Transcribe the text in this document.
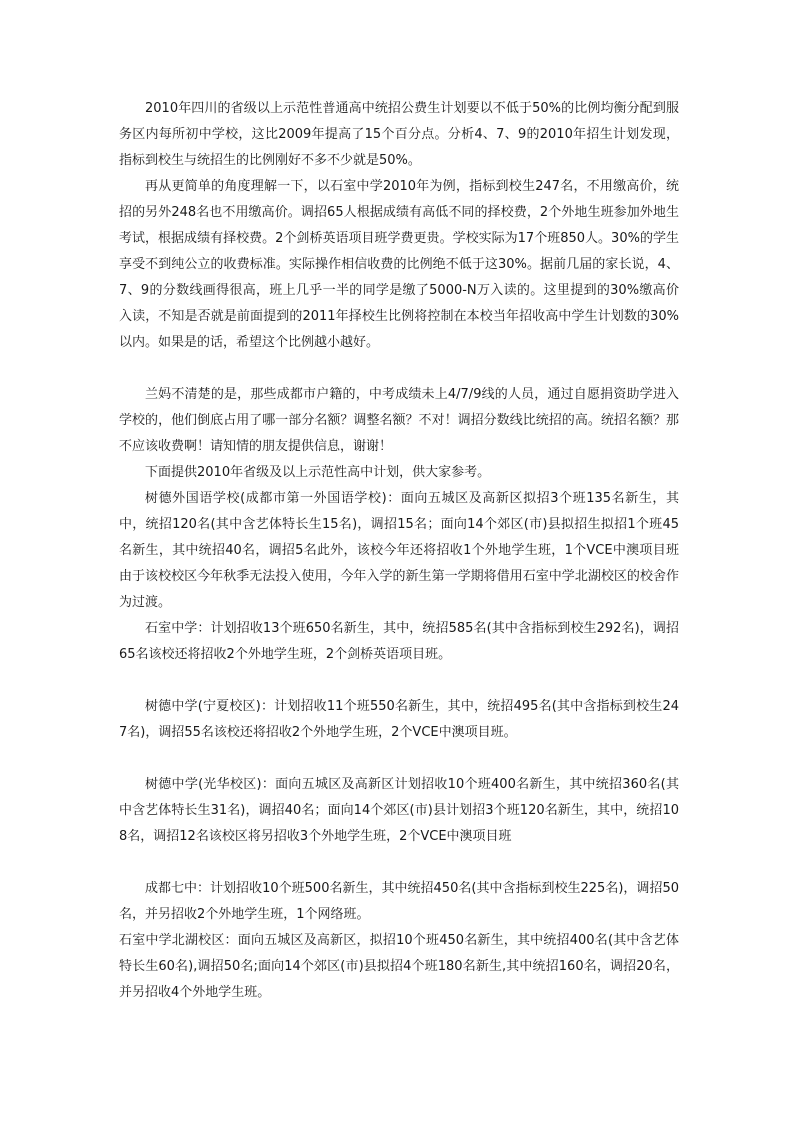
2010年四川的省级以上示范性普通高中统招公费生计划要以不低于50%的比例均衡分配到服务区内每所初中学校，这比2009年提高了15个百分点。分析4、7、9的2010年招生计划发现，指标到校生与统招生的比例刚好不多不少就是50%。

再从更简单的角度理解一下，以石室中学2010年为例，指标到校生247名，不用缴高价，统招的另外248名也不用缴高价。调招65人根据成绩有高低不同的择校费，2个外地生班参加外地生考试，根据成绩有择校费。2个剑桥英语项目班学费更贵。学校实际为17个班850人。30%的学生享受不到纯公立的收费标准。实际操作相信收费的比例绝不低于这30%。据前几届的家长说，4、7、9的分数线画得很高，班上几乎一半的同学是缴了5000-N万入读的。这里提到的30%缴高价入读，不知是否就是前面提到的2011年择校生比例将控制在本校当年招收高中学生计划数的30%以内。如果是的话，希望这个比例越小越好。

兰妈不清楚的是，那些成都市户籍的，中考成绩未上4/7/9线的人员，通过自愿捐资助学进入学校的，他们倒底占用了哪一部分名额？调整名额？不对！调招分数线比统招的高。统招名额？那不应该收费啊！请知情的朋友提供信息，谢谢！

下面提供2010年省级及以上示范性高中计划，供大家参考。

树德外国语学校(成都市第一外国语学校)：面向五城区及高新区拟招3个班135名新生，其中，统招120名(其中含艺体特长生15名)，调招15名；面向14个郊区(市)县拟招生拟招1个班45名新生，其中统招40名，调招5名此外，该校今年还将招收1个外地学生班，1个VCE中澳项目班由于该校校区今年秋季无法投入使用，今年入学的新生第一学期将借用石室中学北湖校区的校舍作为过渡。

石室中学：计划招收13个班650名新生，其中，统招585名(其中含指标到校生292名)，调招65名该校还将招收2个外地学生班，2个剑桥英语项目班。

树德中学(宁夏校区)：计划招收11个班550名新生，其中，统招495名(其中含指标到校生247名)，调招55名该校还将招收2个外地学生班，2个VCE中澳项目班。

树德中学(光华校区)：面向五城区及高新区计划招收10个班400名新生，其中统招360名(其中含艺体特长生31名)，调招40名；面向14个郊区(市)县计划招3个班120名新生，其中，统招108名，调招12名该校区将另招收3个外地学生班，2个VCE中澳项目班

成都七中：计划招收10个班500名新生，其中统招450名(其中含指标到校生225名)，调招50名，并另招收2个外地学生班，1个网络班。

石室中学北湖校区：面向五城区及高新区，拟招10个班450名新生，其中统招400名(其中含艺体特长生60名),调招50名;面向14个郊区(市)县拟招4个班180名新生,其中统招160名，调招20名，并另招收4个外地学生班。
